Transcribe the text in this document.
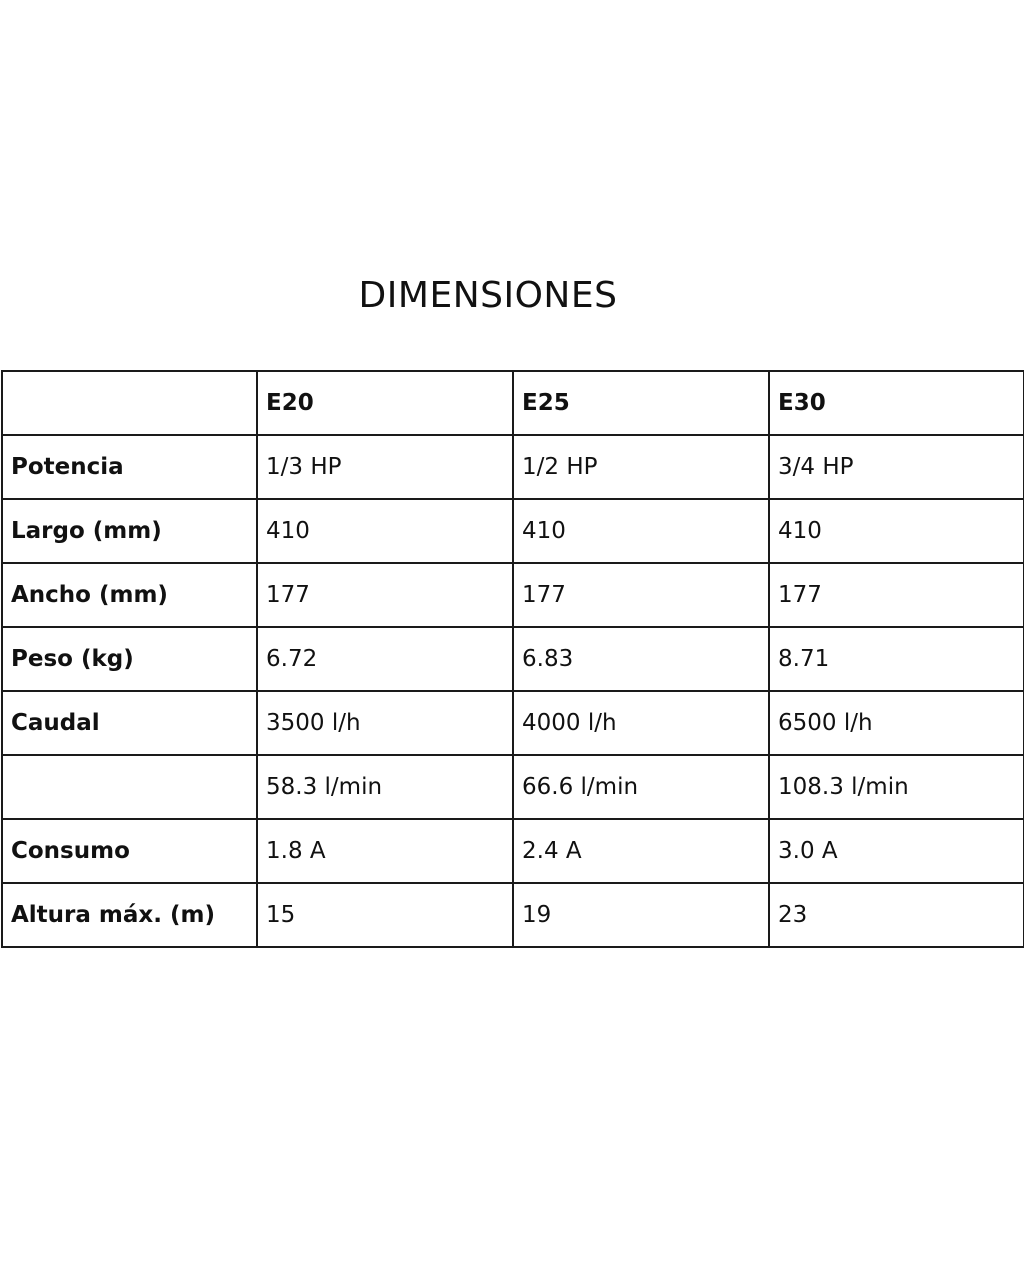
DIMENSIONES
	E20	E25	E30
Potencia	1/3 HP	1/2 HP	3/4 HP
Largo (mm)	410	410	410
Ancho (mm)	177	177	177
Peso (kg)	6.72	6.83	8.71
Caudal	3500 l/h	4000 l/h	6500 l/h
	58.3 l/min	66.6 l/min	108.3 l/min
Consumo	1.8 A	2.4 A	3.0 A
Altura máx. (m)	15	19	23
